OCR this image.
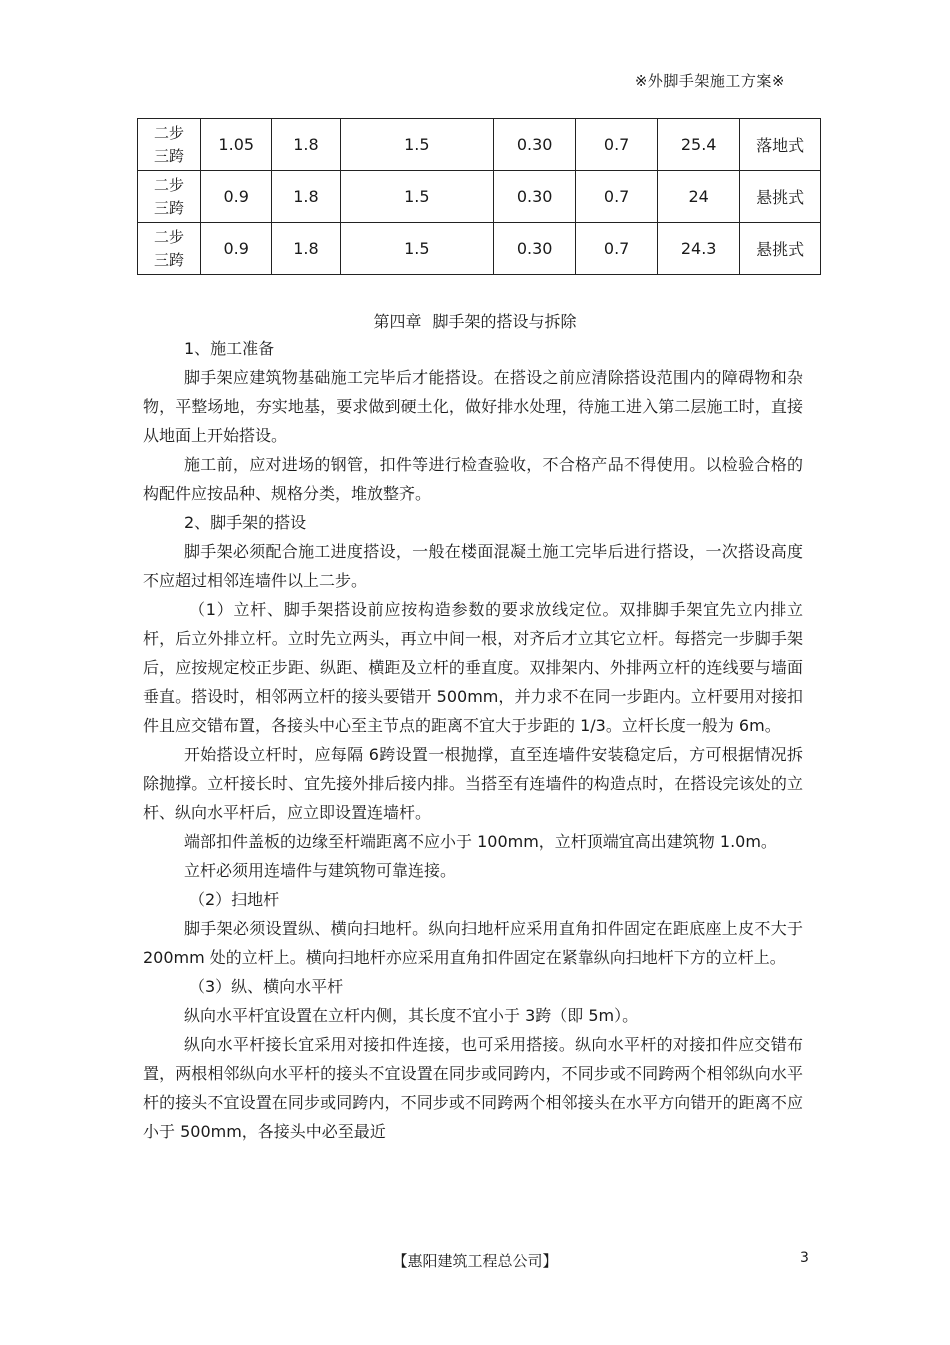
※外脚手架施工方案※
二步
三跨	1.05	1.8	1.5	0.30	0.7	25.4	落地式
二步
三跨	0.9	1.8	1.5	0.30	0.7	24	悬挑式
二步
三跨	0.9	1.8	1.5	0.30	0.7	24.3	悬挑式
第四章 脚手架的搭设与拆除

1、施工准备

脚手架应建筑物基础施工完毕后才能搭设。在搭设之前应清除搭设范围内的障碍物和杂物，平整场地，夯实地基，要求做到硬土化，做好排水处理，待施工进入第二层施工时，直接从地面上开始搭设。

施工前，应对进场的钢管，扣件等进行检查验收，不合格产品不得使用。以检验合格的构配件应按品种、规格分类，堆放整齐。

2、脚手架的搭设

脚手架必须配合施工进度搭设，一般在楼面混凝土施工完毕后进行搭设，一次搭设高度不应超过相邻连墙件以上二步。

（1）立杆、脚手架搭设前应按构造参数的要求放线定位。双排脚手架宜先立内排立杆，后立外排立杆。立时先立两头，再立中间一根，对齐后才立其它立杆。每搭完一步脚手架后，应按规定校正步距、纵距、横距及立杆的垂直度。双排架内、外排两立杆的连线要与墙面垂直。搭设时，相邻两立杆的接头要错开 500mm，并力求不在同一步距内。立杆要用对接扣件且应交错布置，各接头中心至主节点的距离不宜大于步距的 1/3。立杆长度一般为 6m。

开始搭设立杆时，应每隔 6跨设置一根抛撑，直至连墙件安装稳定后，方可根据情况拆除抛撑。立杆接长时、宜先接外排后接内排。当搭至有连墙件的构造点时，在搭设完该处的立杆、纵向水平杆后，应立即设置连墙杆。

端部扣件盖板的边缘至杆端距离不应小于 100mm，立杆顶端宜高出建筑物 1.0m。

立杆必须用连墙件与建筑物可靠连接。

（2）扫地杆

脚手架必须设置纵、横向扫地杆。纵向扫地杆应采用直角扣件固定在距底座上皮不大于 200mm 处的立杆上。横向扫地杆亦应采用直角扣件固定在紧靠纵向扫地杆下方的立杆上。

（3）纵、横向水平杆

纵向水平杆宜设置在立杆内侧，其长度不宜小于 3跨（即 5m）。

纵向水平杆接长宜采用对接扣件连接，也可采用搭接。纵向水平杆的对接扣件应交错布置，两根相邻纵向水平杆的接头不宜设置在同步或同跨内，不同步或不同跨两个相邻纵向水平杆的接头不宜设置在同步或同跨内，不同步或不同跨两个相邻接头在水平方向错开的距离不应小于 500mm，各接头中必至最近

【惠阳建筑工程总公司】	3
